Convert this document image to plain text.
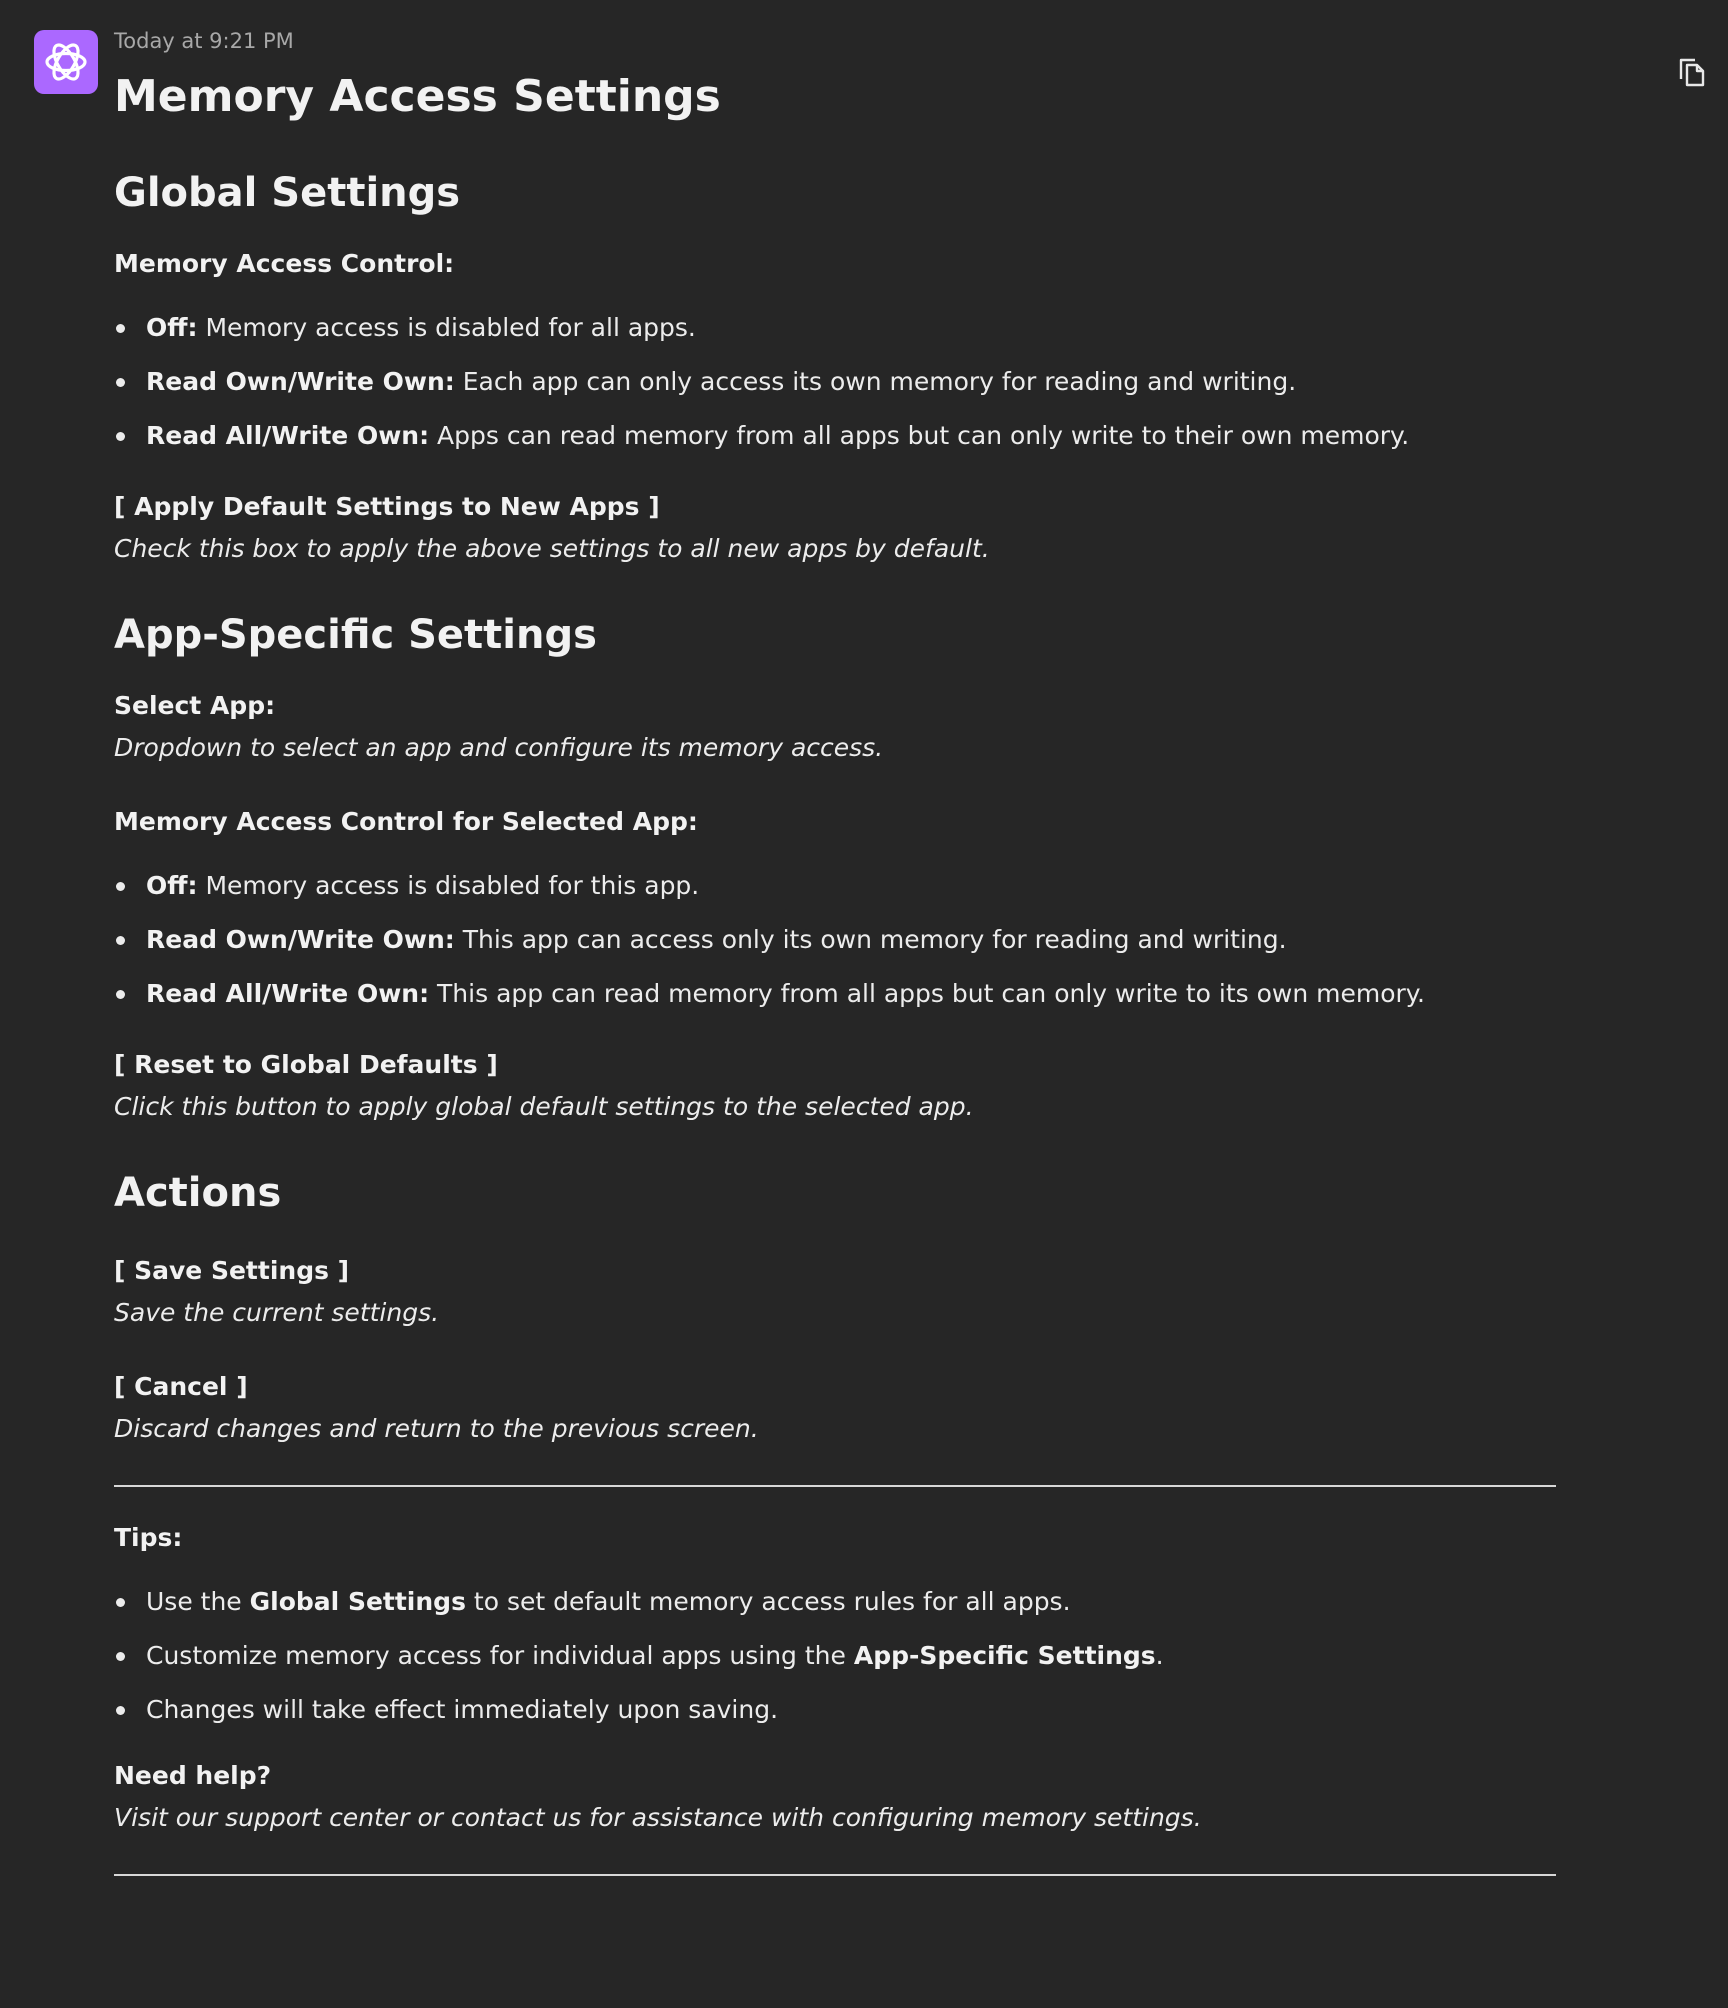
Today at 9:21 PM
Memory Access Settings
Global Settings
Memory Access Control:
Off: Memory access is disabled for all apps.
Read Own/Write Own: Each app can only access its own memory for reading and writing.
Read All/Write Own: Apps can read memory from all apps but can only write to their own memory.
[ Apply Default Settings to New Apps ]
Check this box to apply the above settings to all new apps by default.
App-Specific Settings
Select App:
Dropdown to select an app and configure its memory access.
Memory Access Control for Selected App:
Off: Memory access is disabled for this app.
Read Own/Write Own: This app can access only its own memory for reading and writing.
Read All/Write Own: This app can read memory from all apps but can only write to its own memory.
[ Reset to Global Defaults ]
Click this button to apply global default settings to the selected app.
Actions
[ Save Settings ]
Save the current settings.
[ Cancel ]
Discard changes and return to the previous screen.
Tips:
Use the Global Settings to set default memory access rules for all apps.
Customize memory access for individual apps using the App-Specific Settings.
Changes will take effect immediately upon saving.
Need help?
Visit our support center or contact us for assistance with configuring memory settings.
